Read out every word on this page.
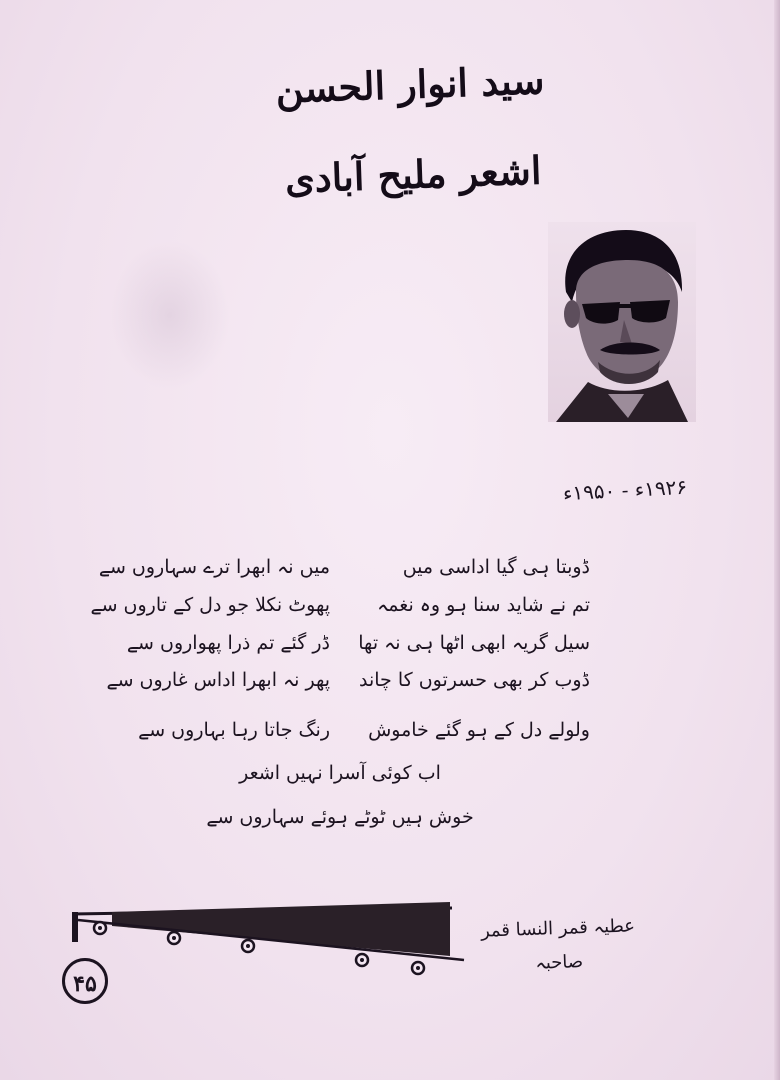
سید انوار الحسن اشعر ملیح آبادی
۱۹۲۶ء - ۱۹۵۰ء
ڈوبتا ہی گیا اداسی میں
میں نہ ابھرا ترے سہاروں سے
تم نے شاید سنا ہو وہ نغمہ
پھوٹ نکلا جو دل کے تاروں سے
سیل گریہ ابھی اٹھا ہی نہ تھا
ڈر گئے تم ذرا پھواروں سے
ڈوب کر بھی حسرتوں کا چاند
پھر نہ ابھرا اداس غاروں سے
ولولے دل کے ہو گئے خاموش
رنگ جاتا رہا بہاروں سے
اب کوئی آسرا نہیں اشعر
خوش ہیں ٹوٹے ہوئے سہاروں سے
عطیہ قمر النسا قمر صاحبہ
۴۵
